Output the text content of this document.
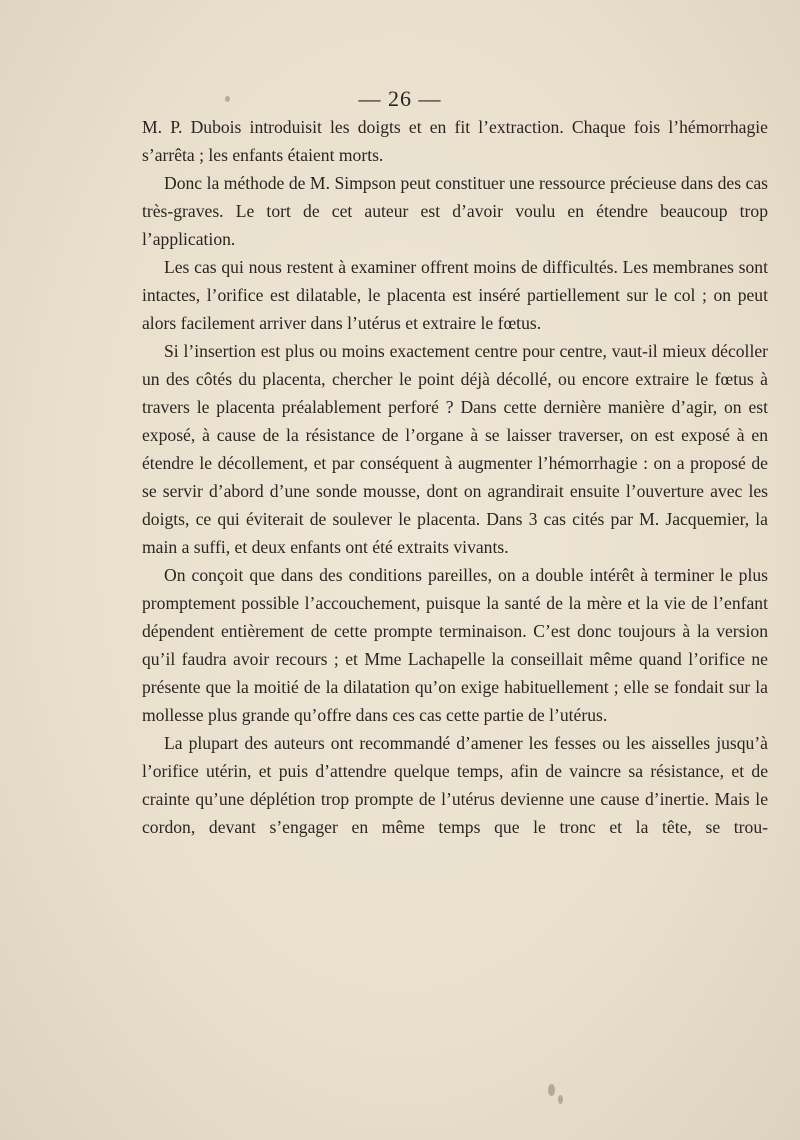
— 26 —

M. P. Dubois introduisit les doigts et en fit l’extraction. Chaque fois l’hémorrhagie s’arrêta ; les enfants étaient morts.

Donc la méthode de M. Simpson peut constituer une ressource précieuse dans des cas très-graves. Le tort de cet auteur est d’avoir voulu en étendre beaucoup trop l’application.

Les cas qui nous restent à examiner offrent moins de difficultés. Les membranes sont intactes, l’orifice est dilatable, le placenta est inséré partiellement sur le col ; on peut alors facilement arriver dans l’utérus et extraire le fœtus.

Si l’insertion est plus ou moins exactement centre pour centre, vaut-il mieux décoller un des côtés du placenta, chercher le point déjà décollé, ou encore extraire le fœtus à travers le placenta préalablement perforé ? Dans cette dernière manière d’agir, on est exposé, à cause de la résistance de l’organe à se laisser traverser, on est exposé à en étendre le décollement, et par conséquent à augmenter l’hémorrhagie : on a proposé de se servir d’abord d’une sonde mousse, dont on agrandirait ensuite l’ouverture avec les doigts, ce qui éviterait de soulever le placenta. Dans 3 cas cités par M. Jacquemier, la main a suffi, et deux enfants ont été extraits vivants.

On conçoit que dans des conditions pareilles, on a double intérêt à terminer le plus promptement possible l’accouchement, puisque la santé de la mère et la vie de l’enfant dépendent entièrement de cette prompte terminaison. C’est donc toujours à la version qu’il faudra avoir recours ; et Mme Lachapelle la conseillait même quand l’orifice ne présente que la moitié de la dilatation qu’on exige habituellement ; elle se fondait sur la mollesse plus grande qu’offre dans ces cas cette partie de l’utérus.

La plupart des auteurs ont recommandé d’amener les fesses ou les aisselles jusqu’à l’orifice utérin, et puis d’attendre quelque temps, afin de vaincre sa résistance, et de crainte qu’une déplétion trop prompte de l’utérus devienne une cause d’inertie. Mais le cordon, devant s’engager en même temps que le tronc et la tête, se trou-
